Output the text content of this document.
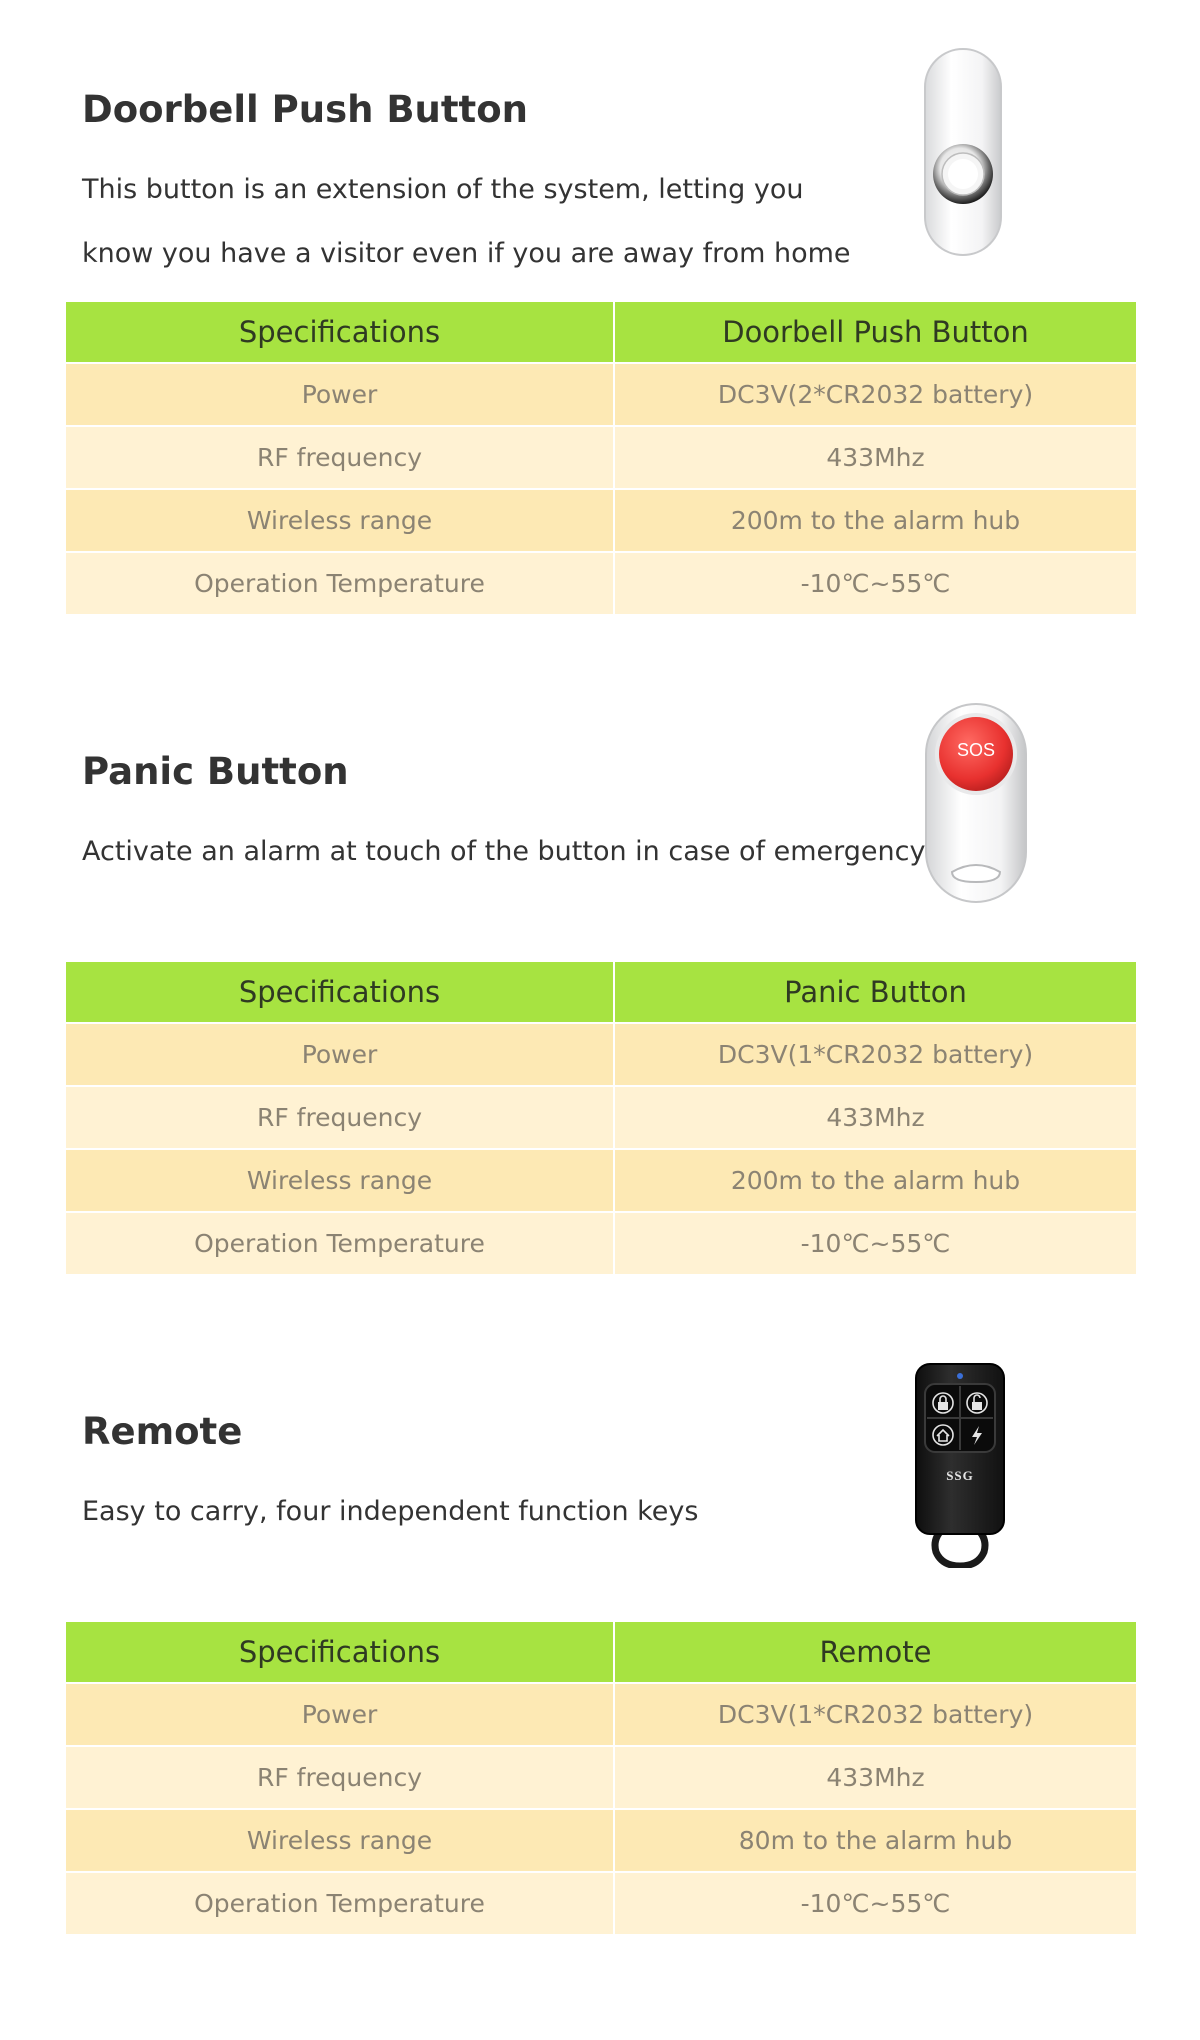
Doorbell Push Button

This button is an extension of the system, letting you

know you have a visitor even if you are away from home

Specifications	Doorbell Push Button
Power	DC3V(2*CR2032 battery)
RF frequency	433Mhz
Wireless range	200m to the alarm hub
Operation Temperature	-10℃~55℃
Panic Button

Activate an alarm at touch of the button in case of emergency

SOS
Specifications	Panic Button
Power	DC3V(1*CR2032 battery)
RF frequency	433Mhz
Wireless range	200m to the alarm hub
Operation Temperature	-10℃~55℃
Remote

Easy to carry, four independent function keys

SSG
Specifications	Remote
Power	DC3V(1*CR2032 battery)
RF frequency	433Mhz
Wireless range	80m to the alarm hub
Operation Temperature	-10℃~55℃
